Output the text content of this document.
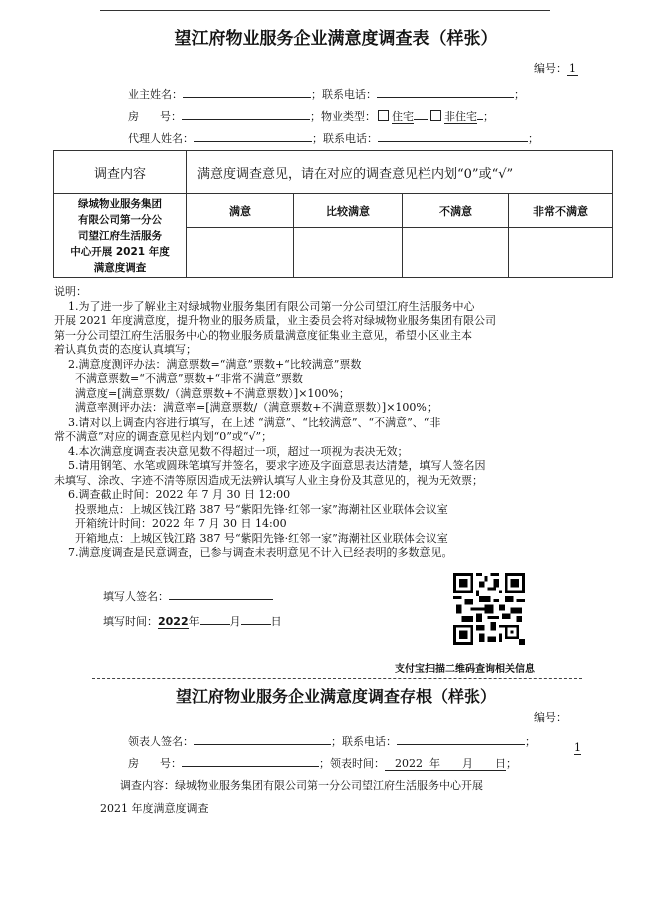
望江府物业服务企业满意度调查表（样张）
编号： 1
业主姓名：	；联系电话：	；
房      号：	；物业类型： 住宅	非住宅 ；
代理人姓名：	；联系电话：	；
调查内容	满意度调查意见，请在对应的调查意见栏内划“0”或“√”			

绿城物业服务集团
有限公司第一分公
司望江府生活服务
中心开展 2021 年度
满意度调查	满意	比较满意	不满意	非常不满意

说明：
1.为了进一步了解业主对绿城物业服务集团有限公司第一分公司望江府生活服务中心
开展 2021 年度满意度，提升物业的服务质量，业主委员会将对绿城物业服务集团有限公司
第一分公司望江府生活服务中心的物业服务质量满意度征集业主意见，希望小区业主本
着认真负责的态度认真填写；
2.满意度测评办法：满意票数=“满意”票数+“比较满意”票数
不满意票数=“不满意”票数+“非常不满意”票数
满意度=[满意票数/（满意票数+不满意票数）]×100%；
满意率测评办法：满意率=[满意票数/（满意票数+不满意票数）]×100%；
3.请对以上调查内容进行填写，在上述 “满意”、“比较满意”、“不满意”、“非
常不满意”对应的调查意见栏内划“0”或“√”；
4.本次满意度调查表决意见数不得超过一项，超过一项视为表决无效；
5.请用钢笔、水笔或圆珠笔填写并签名，要求字迹及字面意思表达清楚，填写人签名因
未填写、涂改、字迹不清等原因造成无法辨认填写人业主身份及其意见的，视为无效票；
6.调查截止时间：2022 年 7 月 30 日 12:00
投票地点：上城区钱江路 387 号“紫阳先锋·红邻一家”海潮社区业联体会议室
开箱统计时间：2022 年 7 月 30 日 14:00
开箱地点：上城区钱江路 387 号“紫阳先锋·红邻一家”海潮社区业联体会议室
7.满意度调查是民意调查，已参与调查未表明意见不计入已经表明的多数意见。
填写人签名：
填写时间：2022年	月	日
支付宝扫描二维码查询相关信息
望江府物业服务企业满意度调查存根（样张）
编号：
领表人签名：	；联系电话：	；
房      号：	；领表时间： 2022 年 月 日；
1
调查内容：绿城物业服务集团有限公司第一分公司望江府生活服务中心开展
2021 年度满意度调查
